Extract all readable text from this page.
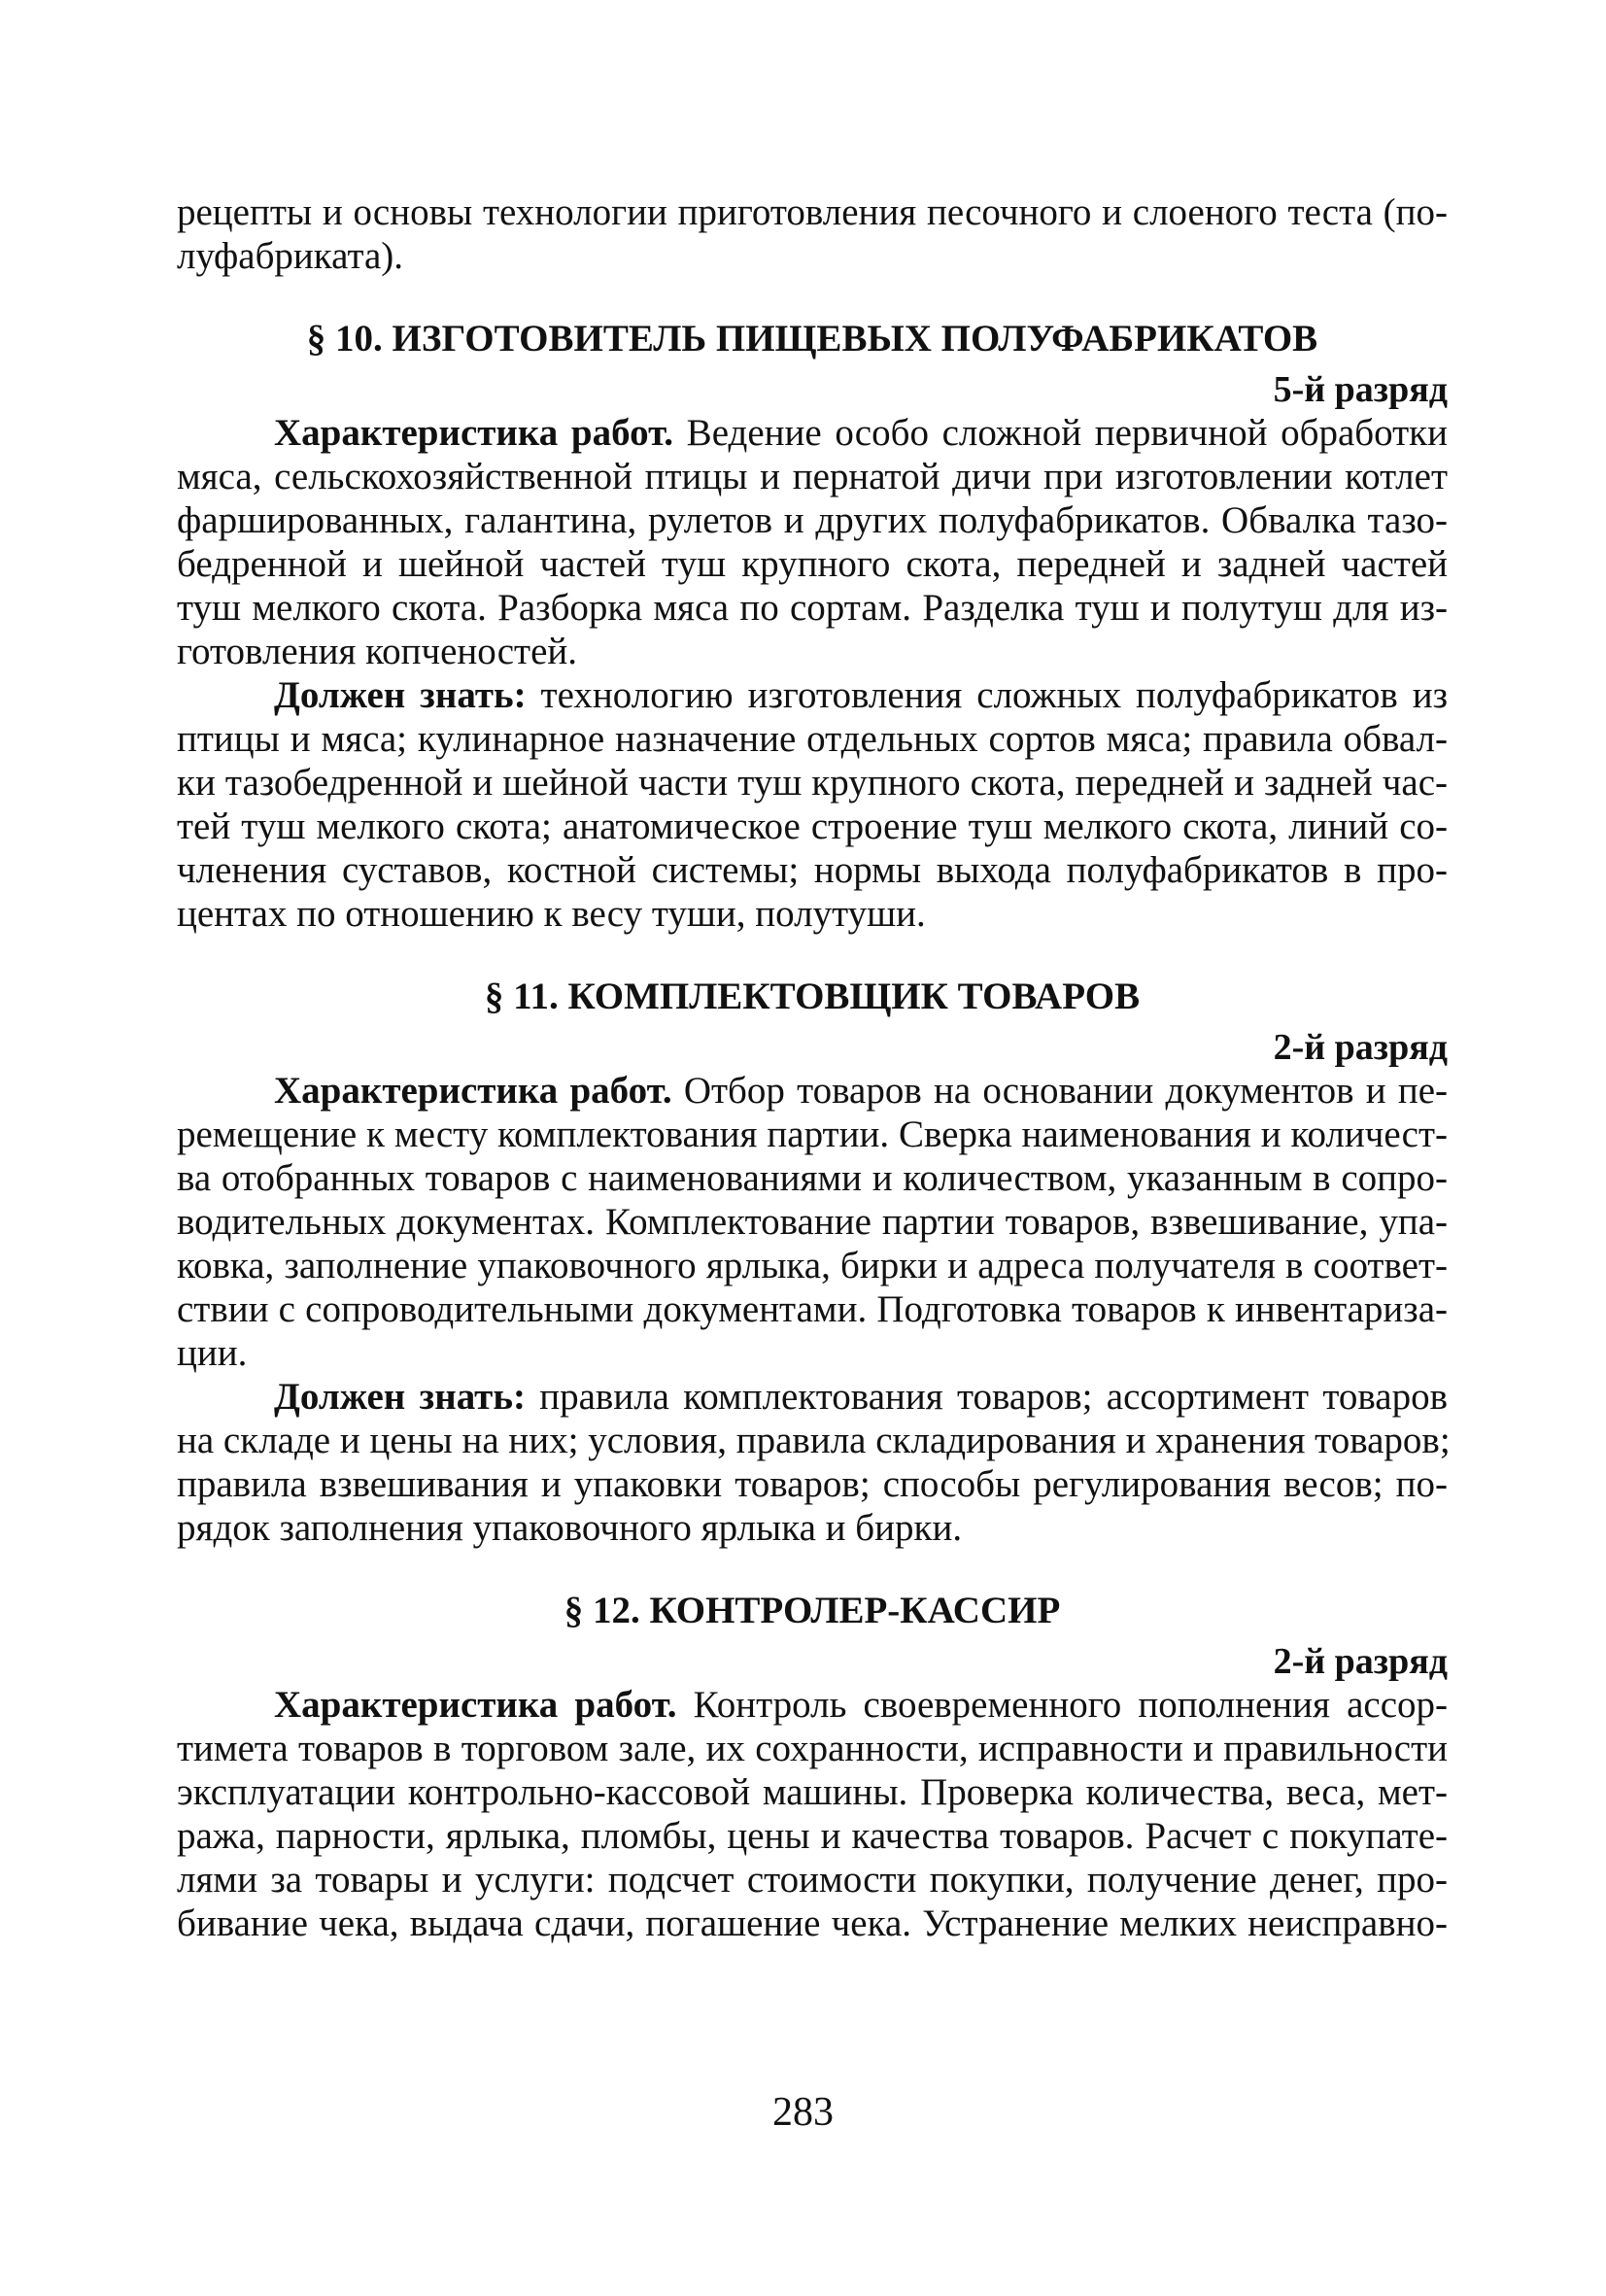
рецепты и основы технологии приготовления песочного и слоеного теста (по-
луфабриката).
§ 10. ИЗГОТОВИТЕЛЬ ПИЩЕВЫХ ПОЛУФАБРИКАТОВ
5-й разряд
Характеристика работ. Ведение особо сложной первичной обработки
мяса, сельскохозяйственной птицы и пернатой дичи при изготовлении котлет
фаршированных, галантина, рулетов и других полуфабрикатов. Обвалка тазо-
бедренной и шейной частей туш крупного скота, передней и задней частей
туш мелкого скота. Разборка мяса по сортам. Разделка туш и полутуш для из-
готовления копченостей.
Должен знать: технологию изготовления сложных полуфабрикатов из
птицы и мяса; кулинарное назначение отдельных сортов мяса; правила обвал-
ки тазобедренной и шейной части туш крупного скота, передней и задней час-
тей туш мелкого скота; анатомическое строение туш мелкого скота, линий со-
членения суставов, костной системы; нормы выхода полуфабрикатов в про-
центах по отношению к весу туши, полутуши.
§ 11. КОМПЛЕКТОВЩИК ТОВАРОВ
2-й разряд
Характеристика работ. Отбор товаров на основании документов и пе-
ремещение к месту комплектования партии. Сверка наименования и количест-
ва отобранных товаров с наименованиями и количеством, указанным в сопро-
водительных документах. Комплектование партии товаров, взвешивание, упа-
ковка, заполнение упаковочного ярлыка, бирки и адреса получателя в соответ-
ствии с сопроводительными документами. Подготовка товаров к инвентариза-
ции.
Должен знать: правила комплектования товаров; ассортимент товаров
на складе и цены на них; условия, правила складирования и хранения товаров;
правила взвешивания и упаковки товаров; способы регулирования весов; по-
рядок заполнения упаковочного ярлыка и бирки.
§ 12. КОНТРОЛЕР-КАССИР
2-й разряд
Характеристика работ. Контроль своевременного пополнения ассор-
тимета товаров в торговом зале, их сохранности, исправности и правильности
эксплуатации контрольно-кассовой машины. Проверка количества, веса, мет-
ража, парности, ярлыка, пломбы, цены и качества товаров. Расчет с покупате-
лями за товары и услуги: подсчет стоимости покупки, получение денег, про-
бивание чека, выдача сдачи, погашение чека. Устранение мелких неисправно-
283
